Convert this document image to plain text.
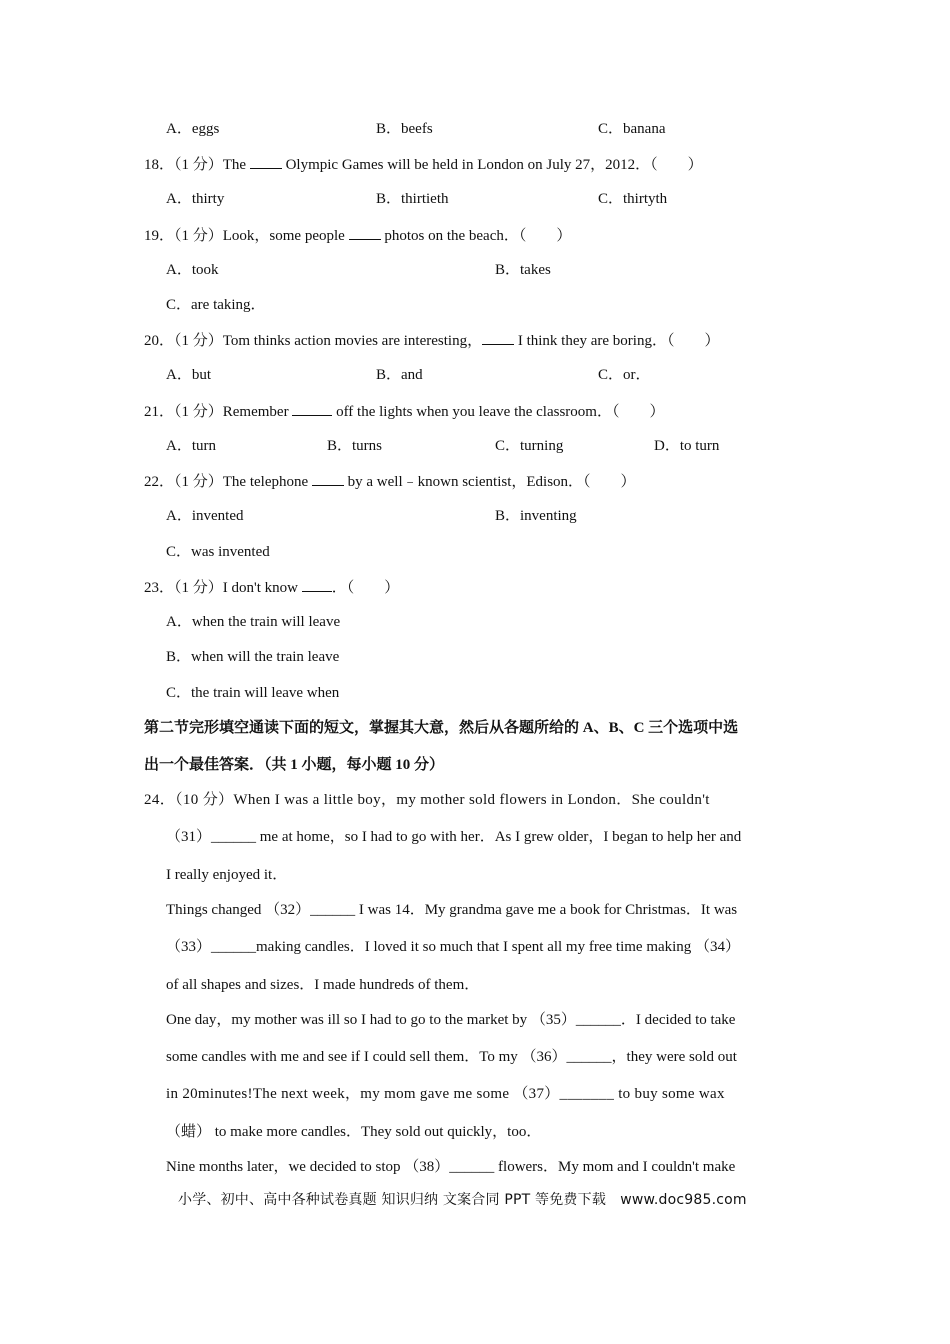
A．eggs	B．beefs	C．banana
18．（1 分）The  Olympic Games will be held in London on July 27，2012．（　　）
A．thirty	B．thirtieth	C．thirtyth
19．（1 分）Look，some people  photos on the beach．（　　）
A．took	B．takes
C．are taking．
20．（1 分）Tom thinks action movies are interesting， I think they are boring．（　　）
A．but	B．and	C．or．
21．（1 分）Remember	off the lights when you leave the classroom．（　　）
A．turn	B．turns	C．turning	D．to turn
22．（1 分）The telephone  by a well﹣known scientist，Edison．（　　）
A．invented	B．inventing
C．was invented
23．（1 分）I don't know ．（　　）
A．when the train will leave
B．when will the train leave
C．the train will leave when
第二节完形填空通读下面的短文，掌握其大意，然后从各题所给的 A、B、C 三个选项中选
出一个最佳答案．（共 1 小题，每小题 10 分）
24．（10 分）When I was a little boy，my mother sold flowers in London．She couldn't
（31）______ me at home，so I had to go with her．As I grew older，I began to help her and
I really enjoyed it．
Things changed （32）______ I was 14．My grandma gave me a book for Christmas．It was
（33）______making candles．I loved it so much that I spent all my free time making （34）
of all shapes and sizes．I made hundreds of them．
One day，my mother was ill so I had to go to the market by （35）______．I decided to take
some candles with me and see if I could sell them．To my （36）______，they were sold out
in 20minutes!The next week，my mom gave me some （37）_______ to buy some wax
（蜡） to make more candles．They sold out quickly，too．
Nine months later，we decided to stop （38）______ flowers．My mom and I couldn't make
小学、初中、高中各种试卷真题 知识归纳 文案合同 PPT 等免费下载　www.doc985.com
